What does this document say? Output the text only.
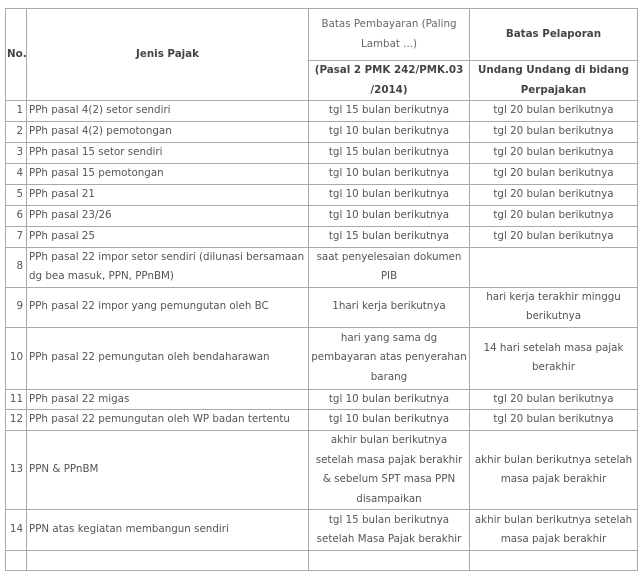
No.	Jenis Pajak	Batas Pembayaran (Paling Lambat ...)	Batas Pelaporan
		(Pasal 2 PMK 242/PMK.03 /2014)	Undang Undang di bidang Perpajakan
1	PPh pasal 4(2) setor sendiri	tgl 15 bulan berikutnya	tgl 20 bulan berikutnya
2	PPh pasal 4(2) pemotongan	tgl 10 bulan berikutnya	tgl 20 bulan berikutnya
3	PPh pasal 15 setor sendiri	tgl 15 bulan berikutnya	tgl 20 bulan berikutnya
4	PPh pasal 15 pemotongan	tgl 10 bulan berikutnya	tgl 20 bulan berikutnya
5	PPh pasal 21	tgl 10 bulan berikutnya	tgl 20 bulan berikutnya
6	PPh pasal 23/26	tgl 10 bulan berikutnya	tgl 20 bulan berikutnya
7	PPh pasal 25	tgl 15 bulan berikutnya	tgl 20 bulan berikutnya
8	PPh pasal 22 impor setor sendiri (dilunasi bersamaan dg bea masuk, PPN, PPnBM)	saat penyelesaian dokumen PIB	
9	PPh pasal 22 impor yang pemungutan oleh BC	1hari kerja berikutnya	hari kerja terakhir minggu berikutnya
10	PPh pasal 22 pemungutan oleh bendaharawan	hari yang sama dg pembayaran atas penyerahan barang	14 hari setelah masa pajak berakhir
11	PPh pasal 22 migas	tgl 10 bulan berikutnya	tgl 20 bulan berikutnya
12	PPh pasal 22 pemungutan oleh WP badan tertentu	tgl 10 bulan berikutnya	tgl 20 bulan berikutnya
13	PPN & PPnBM	akhir bulan berikutnya setelah masa pajak berakhir & sebelum SPT masa PPN disampaikan	akhir bulan berikutnya setelah masa pajak berakhir
14	PPN atas kegiatan membangun sendiri	tgl 15 bulan berikutnya setelah Masa Pajak berakhir	akhir bulan berikutnya setelah masa pajak berakhir
